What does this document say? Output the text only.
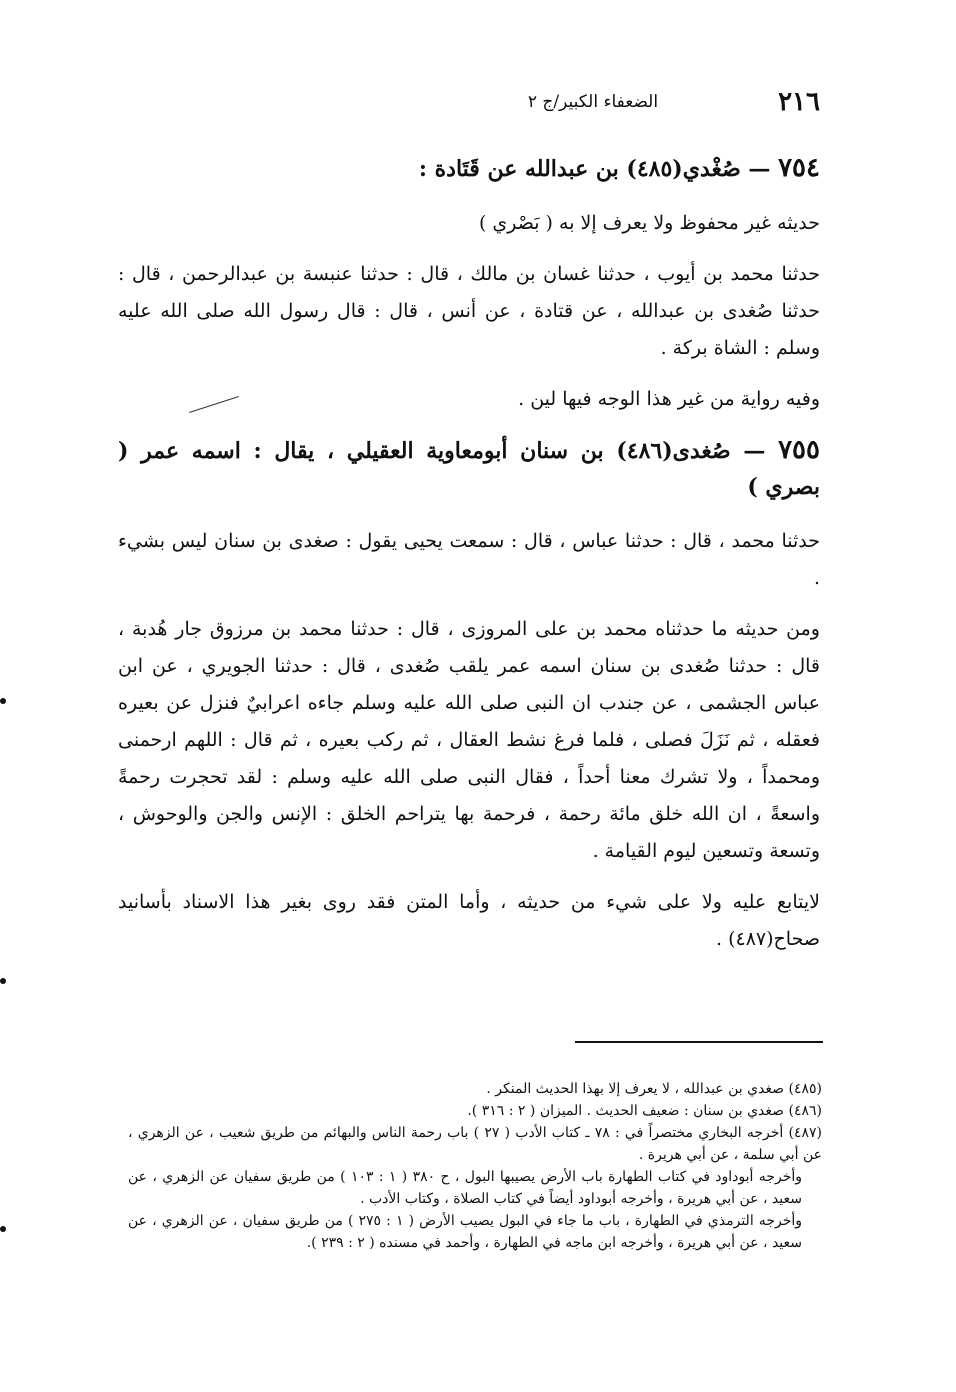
٢١٦
الضعفاء الكبير/ج ٢

٧٥٤ — صُغْدي(٤٨٥) بن عبدالله عن قَتَادة :

حديثه غير محفوظ ولا يعرف إلا به ( بَصْري )

حدثنا محمد بن أيوب ، حدثنا غسان بن مالك ، قال : حدثنا عنبسة بن عبدالرحمن ، قال : حدثنا صُغدى بن عبدالله ، عن قتادة ، عن أنس ، قال : قال رسول الله صلى الله عليه وسلم : الشاة بركة .

وفيه رواية من غير هذا الوجه فيها لين .

٧٥٥ — صُغدى(٤٨٦) بن سنان أبومعاوية العقيلي ، يقال : اسمه عمر ( بصري )

حدثنا محمد ، قال : حدثنا عباس ، قال : سمعت يحيى يقول : صغدى بن سنان ليس بشيء .

ومن حديثه ما حدثناه محمد بن على المروزى ، قال : حدثنا محمد بن مرزوق جار هُدبة ، قال : حدثنا صُغدى بن سنان اسمه عمر يلقب صُغدى ، قال : حدثنا الجويري ، عن ابن عباس الجشمى ، عن جندب ان النبى صلى الله عليه وسلم جاءه اعرابيٌ فنزل عن بعيره فعقله ، ثم نَزَلَ فصلى ، فلما فرغ نشط العقال ، ثم ركب بعيره ، ثم قال : اللهم ارحمنى ومحمداً ، ولا تشرك معنا أحداً ، فقال النبى صلى الله عليه وسلم : لقد تحجرت رحمةً واسعةً ، ان الله خلق مائة رحمة ، فرحمة بها يتراحم الخلق : الإنس والجن والوحوش ، وتسعة وتسعين ليوم القيامة .

لايتابع عليه ولا على شيء من حديثه ، وأما المتن فقد روى بغير هذا الاسناد بأسانيد صحاح(٤٨٧) .

(٤٨٥) صغدي بن عبدالله ، لا يعرف إلا بهذا الحديث المنكر .

(٤٨٦) صغدي بن سنان : ضعيف الحديث . الميزان ( ٢ : ٣١٦ ).

(٤٨٧) أخرجه البخاري مختصراً في : ٧٨ ـ كتاب الأدب ( ٢٧ ) باب رحمة الناس والبهائم من طريق شعيب ، عن الزهري ، عن أبي سلمة ، عن أبي هريرة .

وأخرجه أبوداود في كتاب الطهارة باب الأرض يصيبها البول ، ح ٣٨٠ ( ١ : ١٠٣ ) من طريق سفيان عن الزهري ، عن سعيد ، عن أبي هريرة ، وأخرجه أبوداود أيضاً في كتاب الصلاة ، وكتاب الأدب .

وأخرجه الترمذي في الطهارة ، باب ما جاء في البول يصيب الأرض ( ١ : ٢٧٥ ) من طريق سفيان ، عن الزهري ، عن سعيد ، عن أبي هريرة ، وأخرجه ابن ماجه في الطهارة ، وأحمد في مسنده ( ٢ : ٢٣٩ ).
